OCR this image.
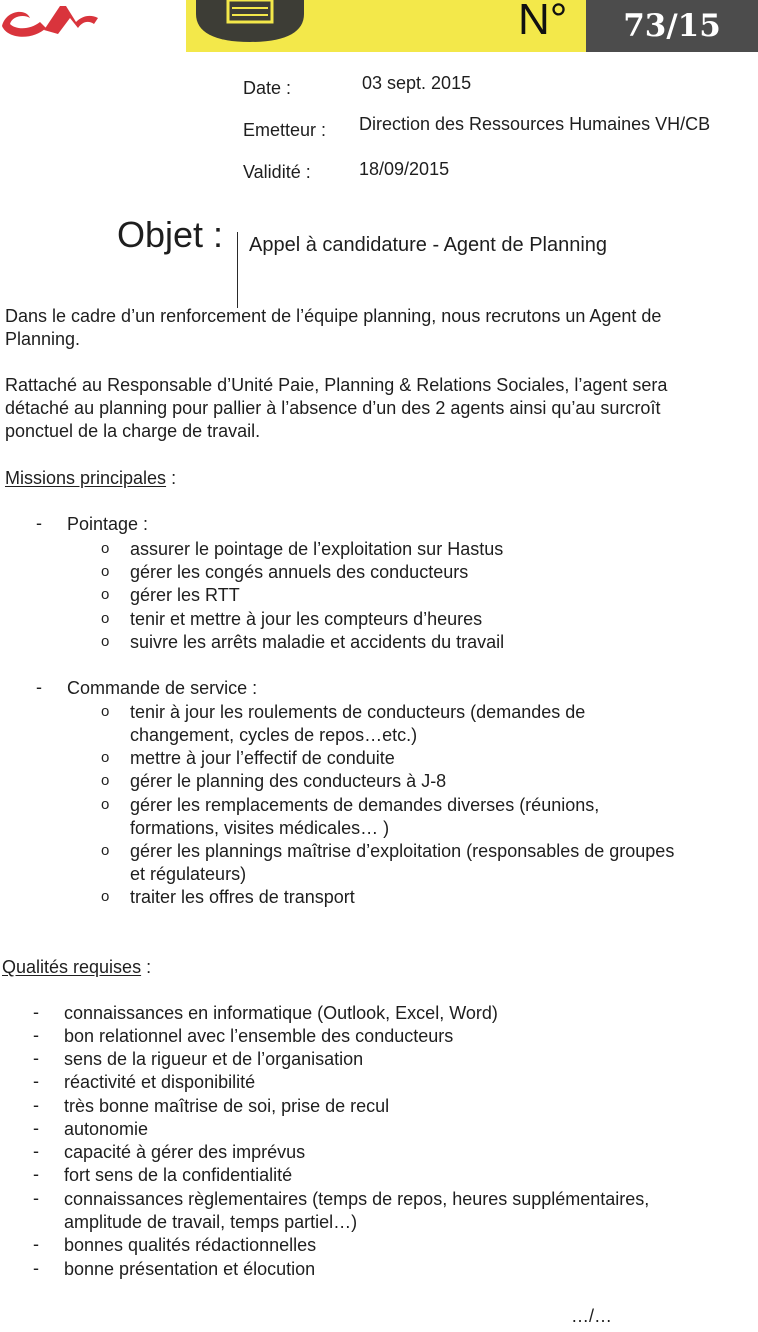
N°	73/15
Date :	03 sept. 2015
Emetteur : Direction des Ressources Humaines VH/CB
Validité :	18/09/2015
Objet : Appel à candidature - Agent de Planning
Dans le cadre d’un renforcement de l’équipe planning, nous recrutons un Agent de
Planning.
Rattaché au Responsable d’Unité Paie, Planning & Relations Sociales, l’agent sera
détaché au planning pour pallier à l’absence d’un des 2 agents ainsi qu’au surcroît
ponctuel de la charge de travail.
Missions principales :
- Pointage :
- Commande de service :
Qualités requises :
…/…
o assurer le pointage de l’exploitation sur Hastus
o gérer les congés annuels des conducteurs
o gérer les RTT
o tenir et mettre à jour les compteurs d’heures
o suivre les arrêts maladie et accidents du travail
o tenir à jour les roulements de conducteurs (demandes de
changement, cycles de repos…etc.)
o mettre à jour l’effectif de conduite
o gérer le planning des conducteurs à J-8
o gérer les remplacements de demandes diverses (réunions,
formations, visites médicales… )
o gérer les plannings maîtrise d’exploitation (responsables de groupes
et régulateurs)
o traiter les offres de transport
- connaissances en informatique (Outlook, Excel, Word)
- bon relationnel avec l’ensemble des conducteurs
- sens de la rigueur et de l’organisation
- réactivité et disponibilité
- très bonne maîtrise de soi, prise de recul
- autonomie
- capacité à gérer des imprévus
- fort sens de la confidentialité
- connaissances règlementaires (temps de repos, heures supplémentaires,
amplitude de travail, temps partiel…)
- bonnes qualités rédactionnelles
- bonne présentation et élocution
